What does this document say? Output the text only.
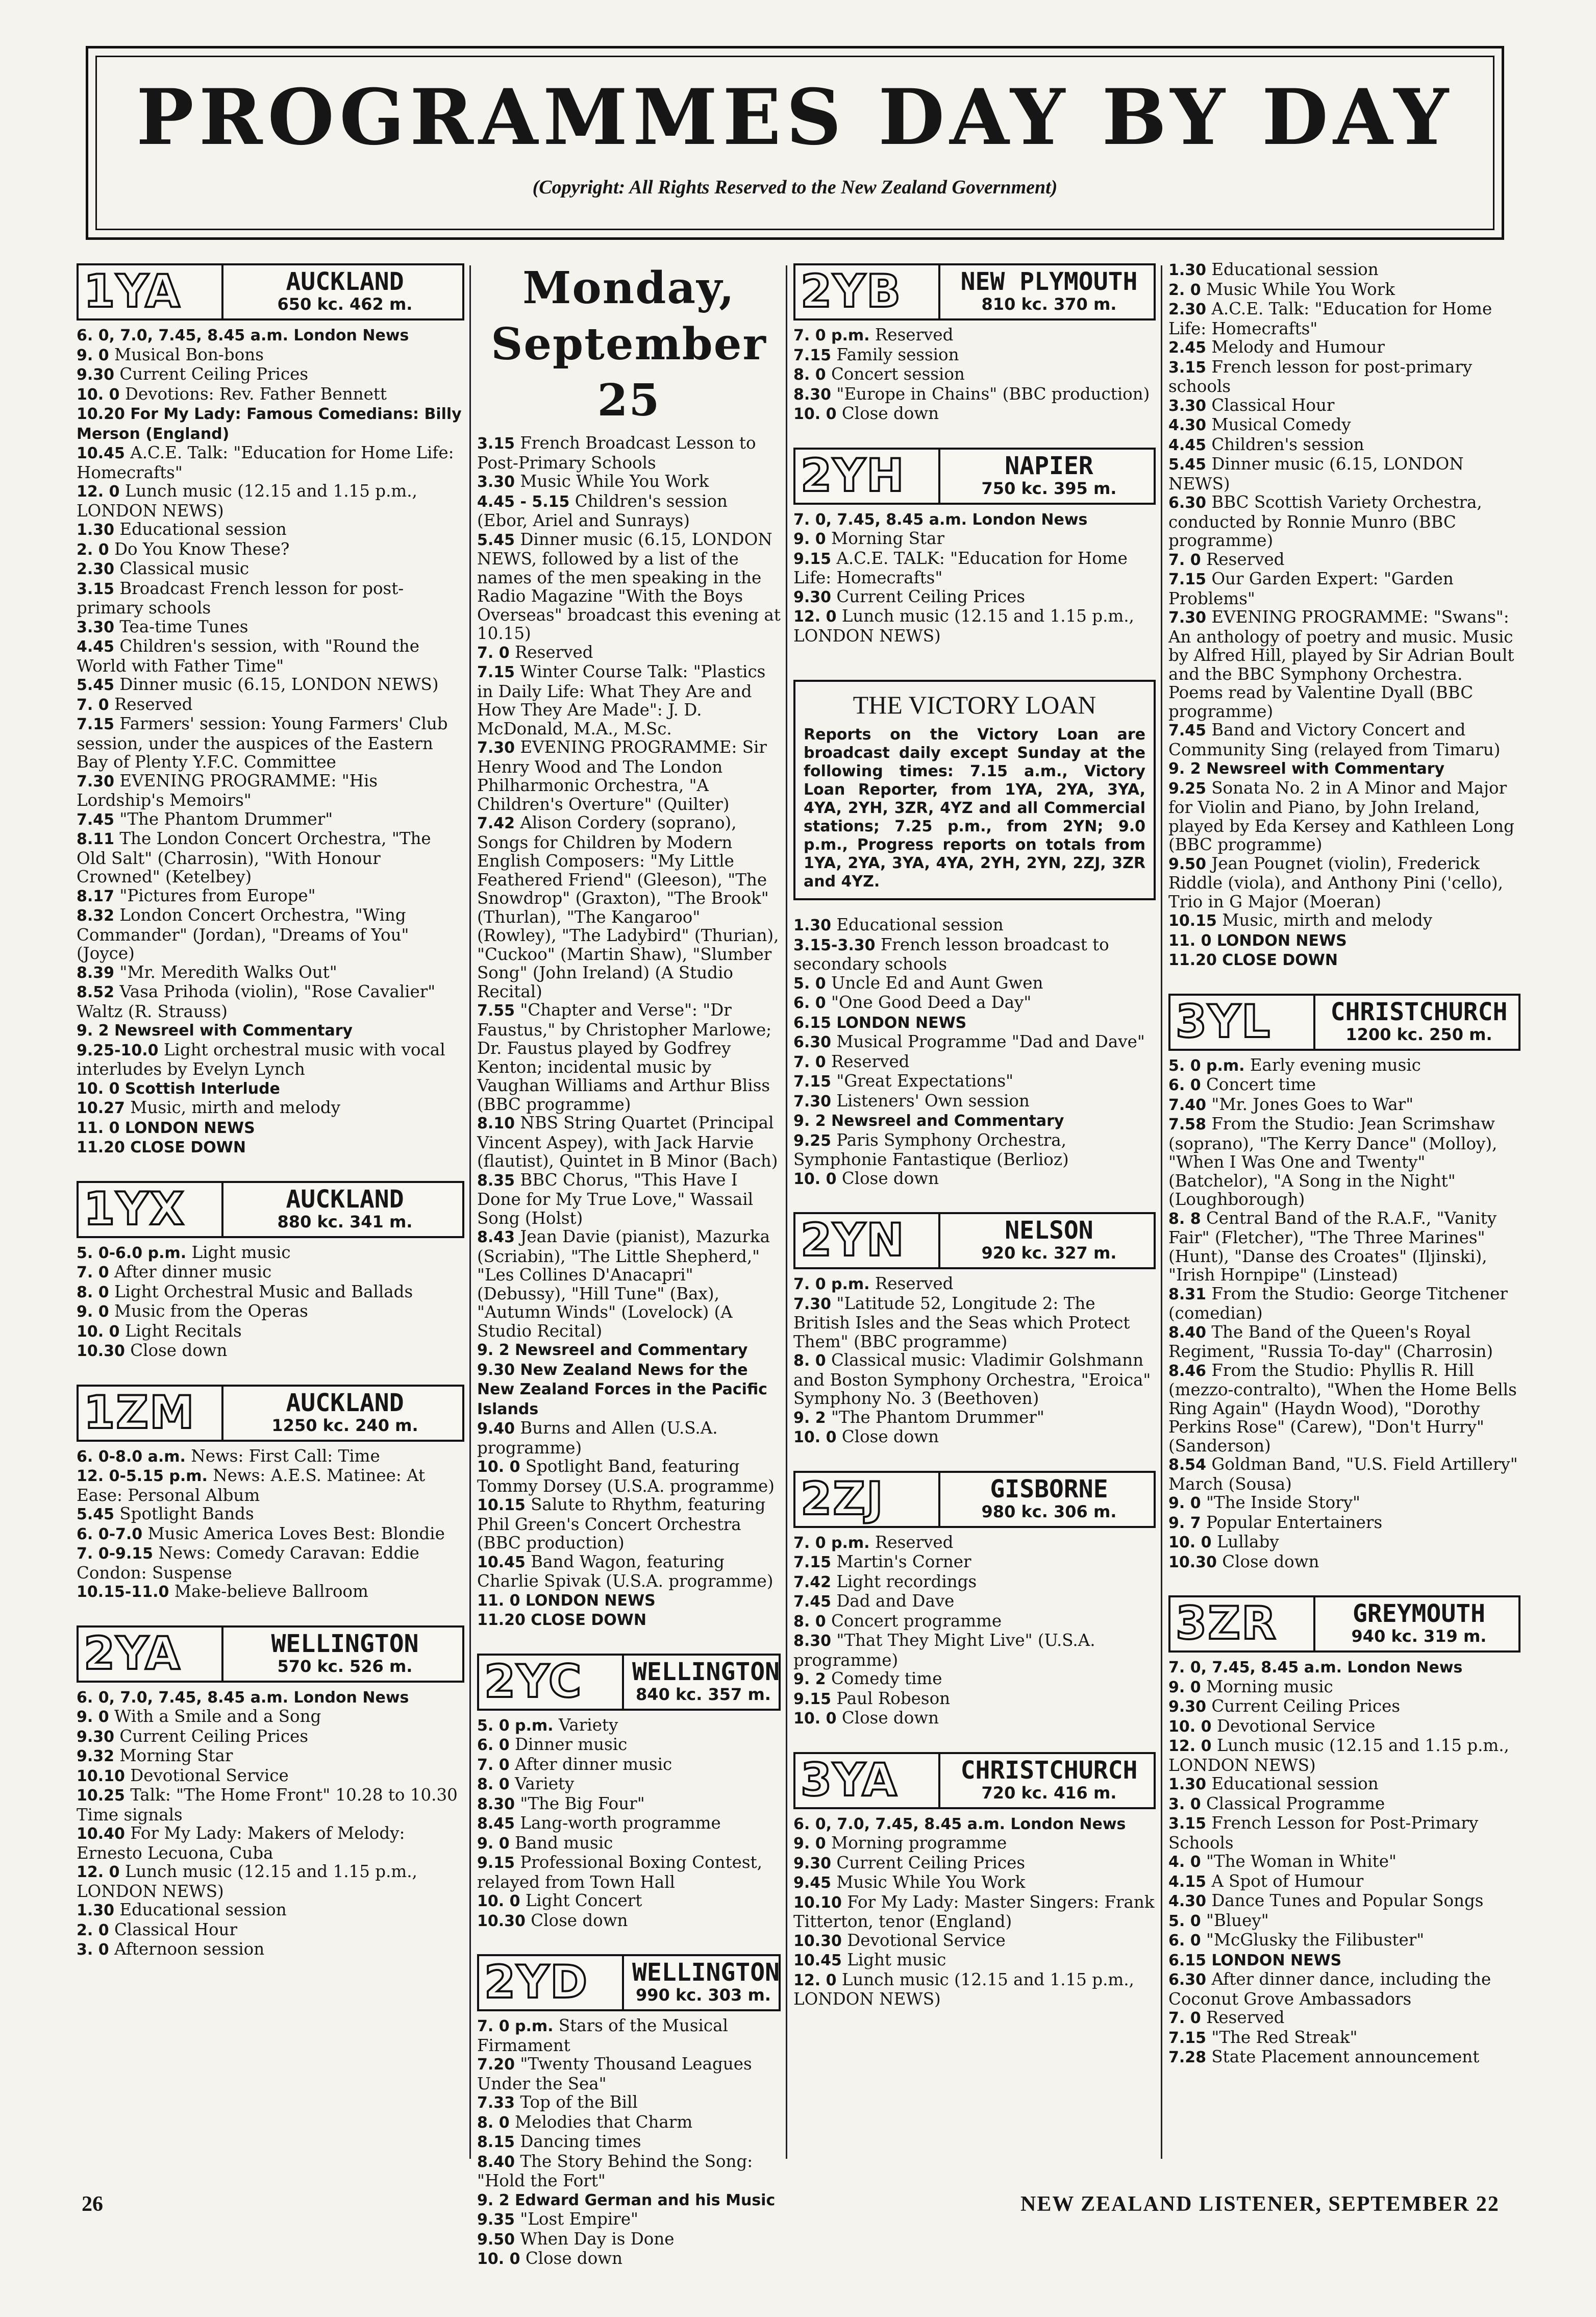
PROGRAMMES DAY BY DAY
(Copyright: All Rights Reserved to the New Zealand Government)
1YA	AUCKLAND
650 kc. 462 m.
6. 0, 7.0, 7.45, 8.45 a.m. London News
9. 0 Musical Bon-bons
9.30 Current Ceiling Prices
10. 0 Devotions: Rev. Father Bennett
10.20 For My Lady: Famous Comedians: Billy Merson (England)
10.45 A.C.E. Talk: "Education for Home Life: Homecrafts"
12. 0 Lunch music (12.15 and 1.15 p.m., LONDON NEWS)
1.30 Educational session
2. 0 Do You Know These?
2.30 Classical music
3.15 Broadcast French lesson for post-primary schools
3.30 Tea-time Tunes
4.45 Children's session, with "Round the World with Father Time"
5.45 Dinner music (6.15, LONDON NEWS)
7. 0 Reserved
7.15 Farmers' session: Young Farmers' Club session, under the auspices of the Eastern Bay of Plenty Y.F.C. Committee
7.30 EVENING PROGRAMME: "His Lordship's Memoirs"
7.45 "The Phantom Drummer"
8.11 The London Concert Orchestra, "The Old Salt" (Charrosin), "With Honour Crowned" (Ketelbey)
8.17 "Pictures from Europe"
8.32 London Concert Orchestra, "Wing Commander" (Jordan), "Dreams of You" (Joyce)
8.39 "Mr. Meredith Walks Out"
8.52 Vasa Prihoda (violin), "Rose Cavalier" Waltz (R. Strauss)
9. 2 Newsreel with Commentary
9.25-10.0 Light orchestral music with vocal interludes by Evelyn Lynch
10. 0 Scottish Interlude
10.27 Music, mirth and melody
11. 0 LONDON NEWS
11.20 CLOSE DOWN
1YX	AUCKLAND
880 kc. 341 m.
5. 0-6.0 p.m. Light music
7. 0 After dinner music
8. 0 Light Orchestral Music and Ballads
9. 0 Music from the Operas
10. 0 Light Recitals
10.30 Close down
1ZM	AUCKLAND
1250 kc. 240 m.
6. 0-8.0 a.m. News: First Call: Time
12. 0-5.15 p.m. News: A.E.S. Matinee: At Ease: Personal Album
5.45 Spotlight Bands
6. 0-7.0 Music America Loves Best: Blondie
7. 0-9.15 News: Comedy Caravan: Eddie Condon: Suspense
10.15-11.0 Make-believe Ballroom
2YA	WELLINGTON
570 kc. 526 m.
6. 0, 7.0, 7.45, 8.45 a.m. London News
9. 0 With a Smile and a Song
9.30 Current Ceiling Prices
9.32 Morning Star
10.10 Devotional Service
10.25 Talk: "The Home Front" 10.28 to 10.30 Time signals
10.40 For My Lady: Makers of Melody: Ernesto Lecuona, Cuba
12. 0 Lunch music (12.15 and 1.15 p.m., LONDON NEWS)
1.30 Educational session
2. 0 Classical Hour
3. 0 Afternoon session
Monday, September 25
3.15 French Broadcast Lesson to Post-Primary Schools
3.30 Music While You Work
4.45 - 5.15 Children's session (Ebor, Ariel and Sunrays)
5.45 Dinner music (6.15, LONDON NEWS, followed by a list of the names of the men speaking in the Radio Magazine "With the Boys Overseas" broadcast this evening at 10.15)
7. 0 Reserved
7.15 Winter Course Talk: "Plastics in Daily Life: What They Are and How They Are Made": J. D. McDonald, M.A., M.Sc.
7.30 EVENING PROGRAMME: Sir Henry Wood and The London Philharmonic Orchestra, "A Children's Overture" (Quilter)
7.42 Alison Cordery (soprano), Songs for Children by Modern English Composers: "My Little Feathered Friend" (Gleeson), "The Snowdrop" (Graxton), "The Brook" (Thurlan), "The Kangaroo" (Rowley), "The Ladybird" (Thurian), "Cuckoo" (Martin Shaw), "Slumber Song" (John Ireland) (A Studio Recital)
7.55 "Chapter and Verse": "Dr Faustus," by Christopher Marlowe; Dr. Faustus played by Godfrey Kenton; incidental music by Vaughan Williams and Arthur Bliss (BBC programme)
8.10 NBS String Quartet (Principal Vincent Aspey), with Jack Harvie (flautist), Quintet in B Minor (Bach)
8.35 BBC Chorus, "This Have I Done for My True Love," Wassail Song (Holst)
8.43 Jean Davie (pianist), Mazurka (Scriabin), "The Little Shepherd," "Les Collines D'Anacapri" (Debussy), "Hill Tune" (Bax), "Autumn Winds" (Lovelock) (A Studio Recital)
9. 2 Newsreel and Commentary
9.30 New Zealand News for the New Zealand Forces in the Pacific Islands
9.40 Burns and Allen (U.S.A. programme)
10. 0 Spotlight Band, featuring Tommy Dorsey (U.S.A. programme)
10.15 Salute to Rhythm, featuring Phil Green's Concert Orchestra (BBC production)
10.45 Band Wagon, featuring Charlie Spivak (U.S.A. programme)
11. 0 LONDON NEWS
11.20 CLOSE DOWN
2YC	WELLINGTON
840 kc. 357 m.
5. 0 p.m. Variety
6. 0 Dinner music
7. 0 After dinner music
8. 0 Variety
8.30 "The Big Four"
8.45 Lang-worth programme
9. 0 Band music
9.15 Professional Boxing Contest, relayed from Town Hall
10. 0 Light Concert
10.30 Close down
2YD	WELLINGTON
990 kc. 303 m.
7. 0 p.m. Stars of the Musical Firmament
7.20 "Twenty Thousand Leagues Under the Sea"
7.33 Top of the Bill
8. 0 Melodies that Charm
8.15 Dancing times
8.40 The Story Behind the Song: "Hold the Fort"
9. 2 Edward German and his Music
9.35 "Lost Empire"
9.50 When Day is Done
10. 0 Close down
2YB	NEW PLYMOUTH
810 kc. 370 m.
7. 0 p.m. Reserved
7.15 Family session
8. 0 Concert session
8.30 "Europe in Chains" (BBC production)
10. 0 Close down
2YH	NAPIER
750 kc. 395 m.
7. 0, 7.45, 8.45 a.m. London News
9. 0 Morning Star
9.15 A.C.E. TALK: "Education for Home Life: Homecrafts"
9.30 Current Ceiling Prices
12. 0 Lunch music (12.15 and 1.15 p.m., LONDON NEWS)
THE VICTORY LOAN
Reports on the Victory Loan are broadcast daily except Sunday at the following times: 7.15 a.m., Victory Loan Reporter, from 1YA, 2YA, 3YA, 4YA, 2YH, 3ZR, 4YZ and all Commercial stations; 7.25 p.m., from 2YN; 9.0 p.m., Progress reports on totals from 1YA, 2YA, 3YA, 4YA, 2YH, 2YN, 2ZJ, 3ZR and 4YZ.
1.30 Educational session
3.15-3.30 French lesson broadcast to secondary schools
5. 0 Uncle Ed and Aunt Gwen
6. 0 "One Good Deed a Day"
6.15 LONDON NEWS
6.30 Musical Programme "Dad and Dave"
7. 0 Reserved
7.15 "Great Expectations"
7.30 Listeners' Own session
9. 2 Newsreel and Commentary
9.25 Paris Symphony Orchestra, Symphonie Fantastique (Berlioz)
10. 0 Close down
2YN	NELSON
920 kc. 327 m.
7. 0 p.m. Reserved
7.30 "Latitude 52, Longitude 2: The British Isles and the Seas which Protect Them" (BBC programme)
8. 0 Classical music: Vladimir Golshmann and Boston Symphony Orchestra, "Eroica" Symphony No. 3 (Beethoven)
9. 2 "The Phantom Drummer"
10. 0 Close down
2ZJ	GISBORNE
980 kc. 306 m.
7. 0 p.m. Reserved
7.15 Martin's Corner
7.42 Light recordings
7.45 Dad and Dave
8. 0 Concert programme
8.30 "That They Might Live" (U.S.A. programme)
9. 2 Comedy time
9.15 Paul Robeson
10. 0 Close down
3YA	CHRISTCHURCH
720 kc. 416 m.
6. 0, 7.0, 7.45, 8.45 a.m. London News
9. 0 Morning programme
9.30 Current Ceiling Prices
9.45 Music While You Work
10.10 For My Lady: Master Singers: Frank Titterton, tenor (England)
10.30 Devotional Service
10.45 Light music
12. 0 Lunch music (12.15 and 1.15 p.m., LONDON NEWS)
1.30 Educational session
2. 0 Music While You Work
2.30 A.C.E. Talk: "Education for Home Life: Homecrafts"
2.45 Melody and Humour
3.15 French lesson for post-primary schools
3.30 Classical Hour
4.30 Musical Comedy
4.45 Children's session
5.45 Dinner music (6.15, LONDON NEWS)
6.30 BBC Scottish Variety Orchestra, conducted by Ronnie Munro (BBC programme)
7. 0 Reserved
7.15 Our Garden Expert: "Garden Problems"
7.30 EVENING PROGRAMME: "Swans": An anthology of poetry and music. Music by Alfred Hill, played by Sir Adrian Boult and the BBC Symphony Orchestra. Poems read by Valentine Dyall (BBC programme)
7.45 Band and Victory Concert and Community Sing (relayed from Timaru)
9. 2 Newsreel with Commentary
9.25 Sonata No. 2 in A Minor and Major for Violin and Piano, by John Ireland, played by Eda Kersey and Kathleen Long (BBC programme)
9.50 Jean Pougnet (violin), Frederick Riddle (viola), and Anthony Pini ('cello), Trio in G Major (Moeran)
10.15 Music, mirth and melody
11. 0 LONDON NEWS
11.20 CLOSE DOWN
3YL	CHRISTCHURCH
1200 kc. 250 m.
5. 0 p.m. Early evening music
6. 0 Concert time
7.40 "Mr. Jones Goes to War"
7.58 From the Studio: Jean Scrimshaw (soprano), "The Kerry Dance" (Molloy), "When I Was One and Twenty" (Batchelor), "A Song in the Night" (Loughborough)
8. 8 Central Band of the R.A.F., "Vanity Fair" (Fletcher), "The Three Marines" (Hunt), "Danse des Croates" (Iljinski), "Irish Hornpipe" (Linstead)
8.31 From the Studio: George Titchener (comedian)
8.40 The Band of the Queen's Royal Regiment, "Russia To-day" (Charrosin)
8.46 From the Studio: Phyllis R. Hill (mezzo-contralto), "When the Home Bells Ring Again" (Haydn Wood), "Dorothy Perkins Rose" (Carew), "Don't Hurry" (Sanderson)
8.54 Goldman Band, "U.S. Field Artillery" March (Sousa)
9. 0 "The Inside Story"
9. 7 Popular Entertainers
10. 0 Lullaby
10.30 Close down
3ZR	GREYMOUTH
940 kc. 319 m.
7. 0, 7.45, 8.45 a.m. London News
9. 0 Morning music
9.30 Current Ceiling Prices
10. 0 Devotional Service
12. 0 Lunch music (12.15 and 1.15 p.m., LONDON NEWS)
1.30 Educational session
3. 0 Classical Programme
3.15 French Lesson for Post-Primary Schools
4. 0 "The Woman in White"
4.15 A Spot of Humour
4.30 Dance Tunes and Popular Songs
5. 0 "Bluey"
6. 0 "McGlusky the Filibuster"
6.15 LONDON NEWS
6.30 After dinner dance, including the Coconut Grove Ambassadors
7. 0 Reserved
7.15 "The Red Streak"
7.28 State Placement announcement
26	NEW ZEALAND LISTENER, SEPTEMBER 22
